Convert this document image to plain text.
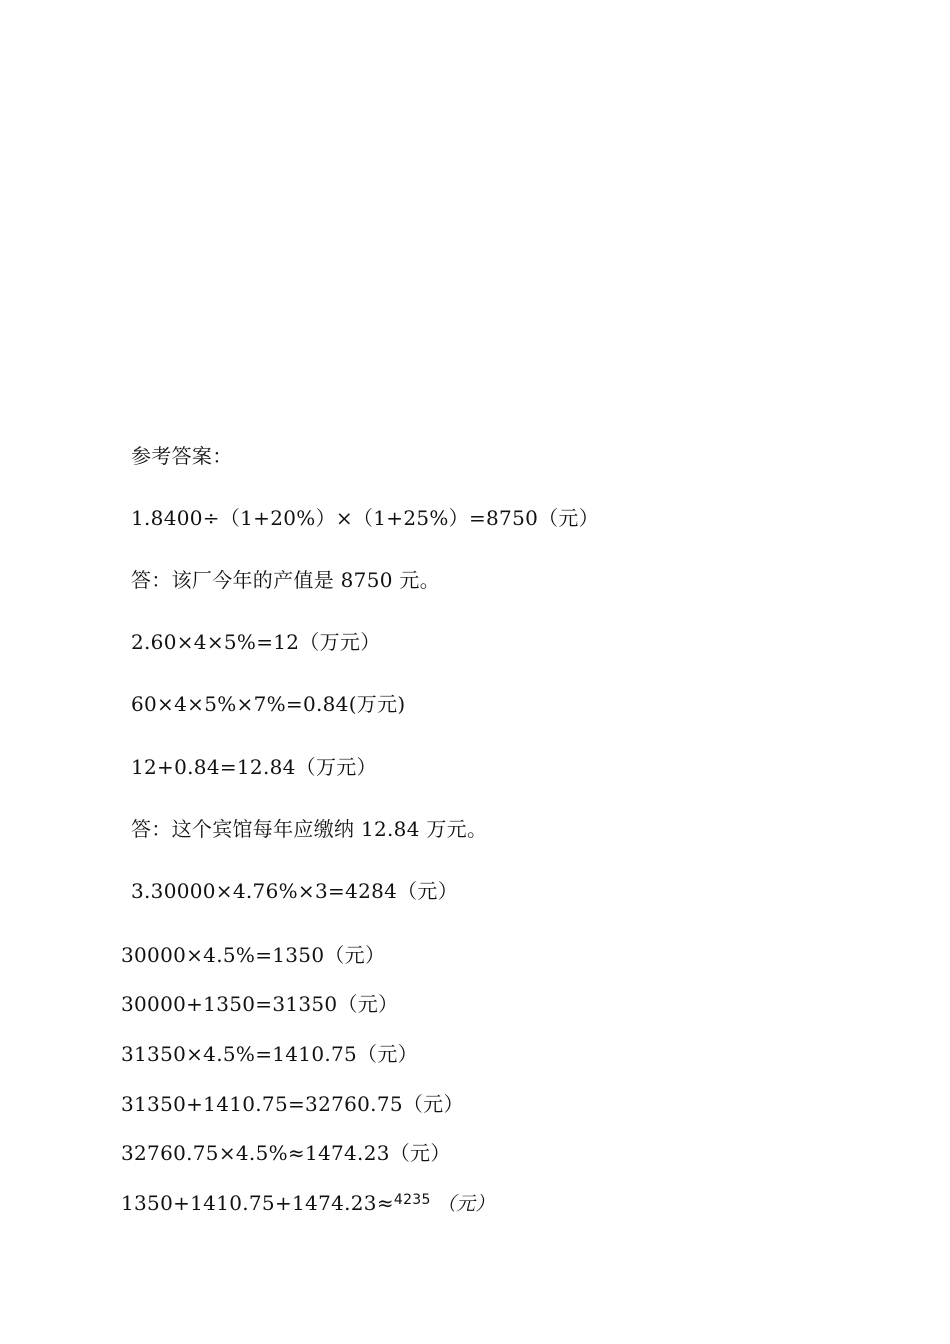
参考答案：
1.8400÷（1+20%）×（1+25%）=8750（元）
答：该厂今年的产值是 8750 元。
2.60×4×5%=12（万元）
60×4×5%×7%=0.84(万元)
12+0.84=12.84（万元）
答：这个宾馆每年应缴纳 12.84 万元。
3.30000×4.76%×3=4284（元）
30000×4.5%=1350（元）
30000+1350=31350（元）
31350×4.5%=1410.75（元）
31350+1410.75=32760.75（元）
32760.75×4.5%≈1474.23（元）
1350+1410.75+1474.23≈$^{4235}$ （元）
